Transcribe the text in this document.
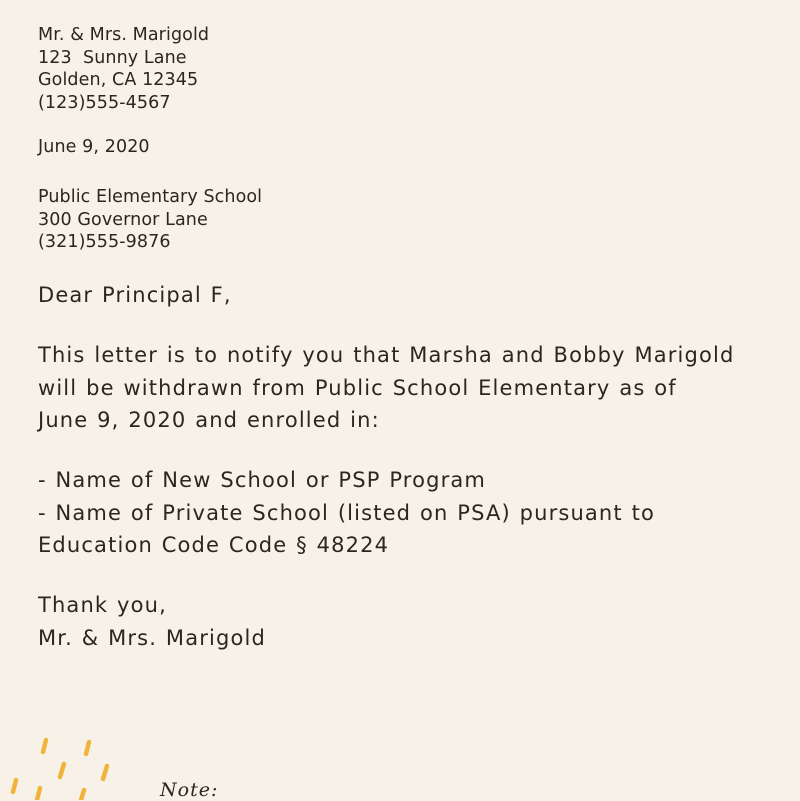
Mr. & Mrs. Marigold
123  Sunny Lane
Golden, CA 12345
(123)555-4567
June 9, 2020
Public Elementary School
300 Governor Lane
(321)555-9876
Dear Principal F,
This letter is to notify you that Marsha and Bobby Marigold
will be withdrawn from Public School Elementary as of
June 9, 2020 and enrolled in:
- Name of New School or PSP Program
- Name of Private School (listed on PSA) pursuant to
Education Code Code § 48224
Thank you,
Mr. & Mrs. Marigold
Note:
